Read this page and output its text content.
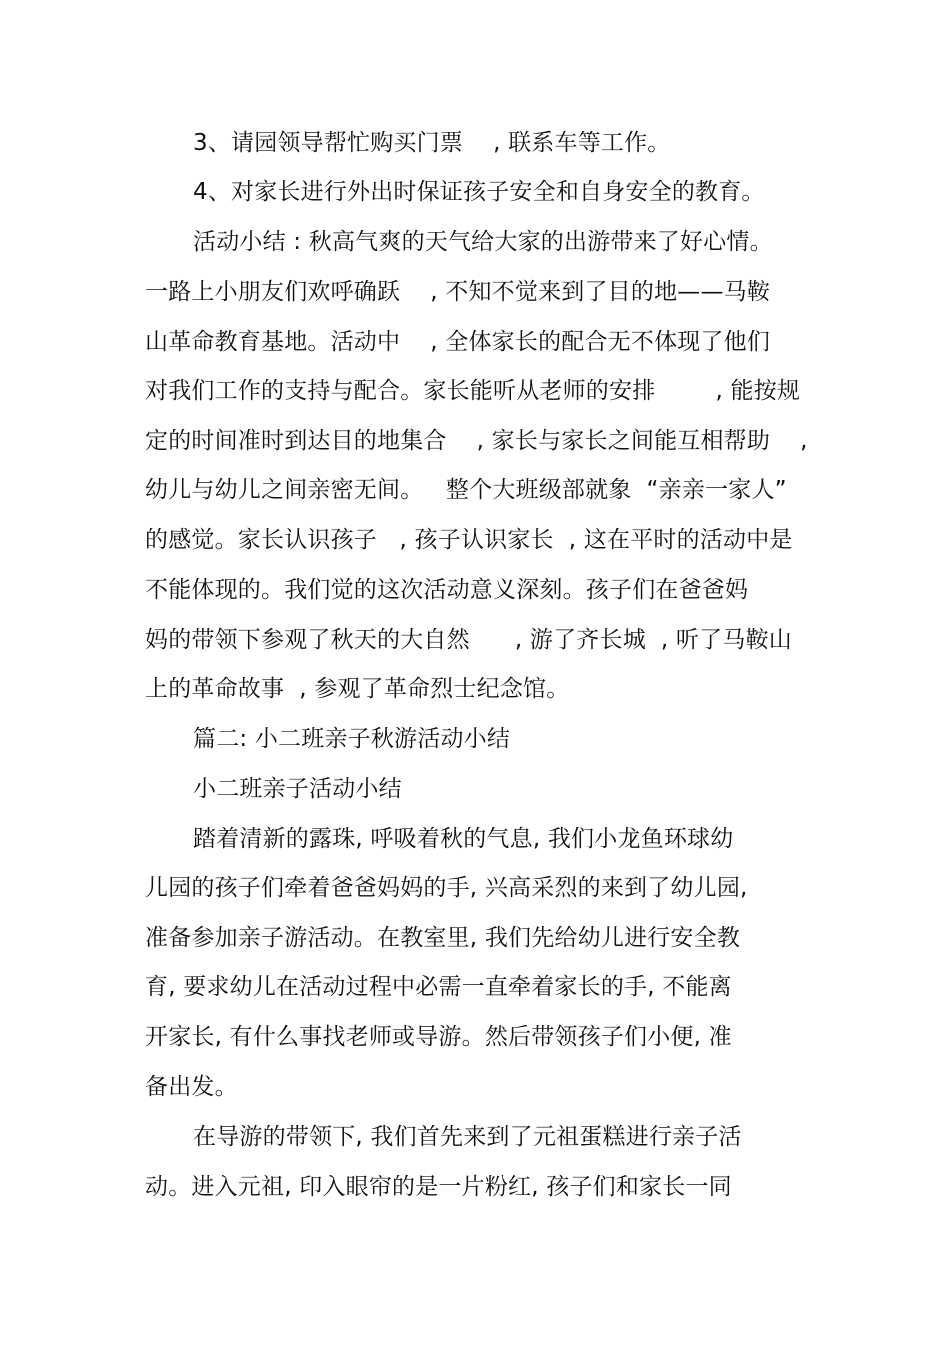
3、请园领导帮忙购买门票    , 联系车等工作。
4、对家长进行外出时保证孩子安全和自身安全的教育。
活动小结 : 秋高气爽的天气给大家的出游带来了好心情。
一路上小朋友们欢呼确跃    , 不知不觉来到了目的地——马鞍
山革命教育基地。活动中    , 全体家长的配合无不体现了他们
对我们工作的支持与配合。家长能听从老师的安排        , 能按规
定的时间准时到达目的地集合    , 家长与家长之间能互相帮助    ,
幼儿与幼儿之间亲密无间。   整个大班级部就象  “亲亲一家人”
的感觉。家长认识孩子   , 孩子认识家长  , 这在平时的活动中是
不能体现的。我们觉的这次活动意义深刻。孩子们在爸爸妈
妈的带领下参观了秋天的大自然      , 游了齐长城  , 听了马鞍山
上的革命故事  , 参观了革命烈士纪念馆。
篇二: 小二班亲子秋游活动小结
小二班亲子活动小结
踏着清新的露珠, 呼吸着秋的气息, 我们小龙鱼环球幼
儿园的孩子们牵着爸爸妈妈的手, 兴高采烈的来到了幼儿园,
准备参加亲子游活动。在教室里, 我们先给幼儿进行安全教
育, 要求幼儿在活动过程中必需一直牵着家长的手, 不能离
开家长, 有什么事找老师或导游。然后带领孩子们小便, 准
备出发。
在导游的带领下, 我们首先来到了元祖蛋糕进行亲子活
动。进入元祖, 印入眼帘的是一片粉红, 孩子们和家长一同
